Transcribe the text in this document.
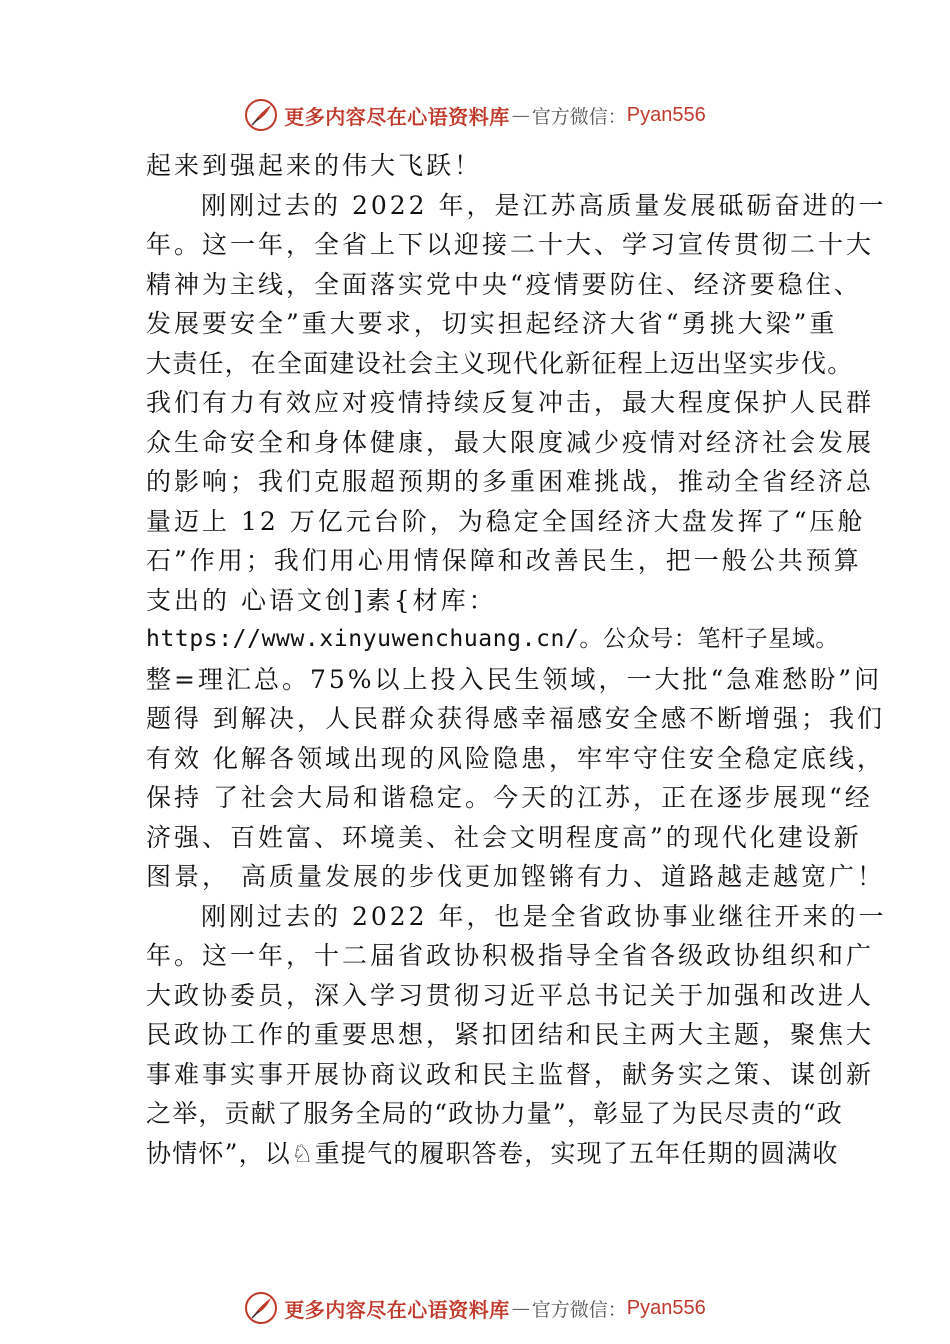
更多内容尽在心语资料库 — 官方微信： Pyan556
起来到强起来的伟大飞跃！
刚刚过去的 2022 年，是江苏高质量发展砥砺奋进的一
年。这一年，全省上下以迎接二十大、学习宣传贯彻二十大
精神为主线，全面落实党中央“疫情要防住、经济要稳住、
发展要安全”重大要求，切实担起经济大省“勇挑大梁”重
大责任，在全面建设社会主义现代化新征程上迈出坚实步伐。
我们有力有效应对疫情持续反复冲击，最大程度保护人民群
众生命安全和身体健康，最大限度减少疫情对经济社会发展
的影响；我们克服超预期的多重困难挑战，推动全省经济总
量迈上 12 万亿元台阶，为稳定全国经济大盘发挥了“压舱
石”作用；我们用心用情保障和改善民生，把一般公共预算
支出的 心语文创]素{材库：
https://www.xinyuwenchuang.cn/。公众号：笔杆子星域。
整=理汇总。75%以上投入民生领域，一大批“急难愁盼”问
题得 到解决，人民群众获得感幸福感安全感不断增强；我们
有效 化解各领域出现的风险隐患，牢牢守住安全稳定底线，
保持 了社会大局和谐稳定。今天的江苏，正在逐步展现“经
济强、百姓富、环境美、社会文明程度高”的现代化建设新
图景， 高质量发展的步伐更加铿锵有力、道路越走越宽广！
刚刚过去的 2022 年，也是全省政协事业继往开来的一
年。这一年，十二届省政协积极指导全省各级政协组织和广
大政协委员，深入学习贯彻习近平总书记关于加强和改进人
民政协工作的重要思想，紧扣团结和民主两大主题，聚焦大
事难事实事开展协商议政和民主监督，献务实之策、谋创新
之举，贡献了服务全局的“政协力量”，彰显了为民尽责的“政
协情怀”，以♘重提气的履职答卷，实现了五年任期的圆满收
更多内容尽在心语资料库 — 官方微信： Pyan556
